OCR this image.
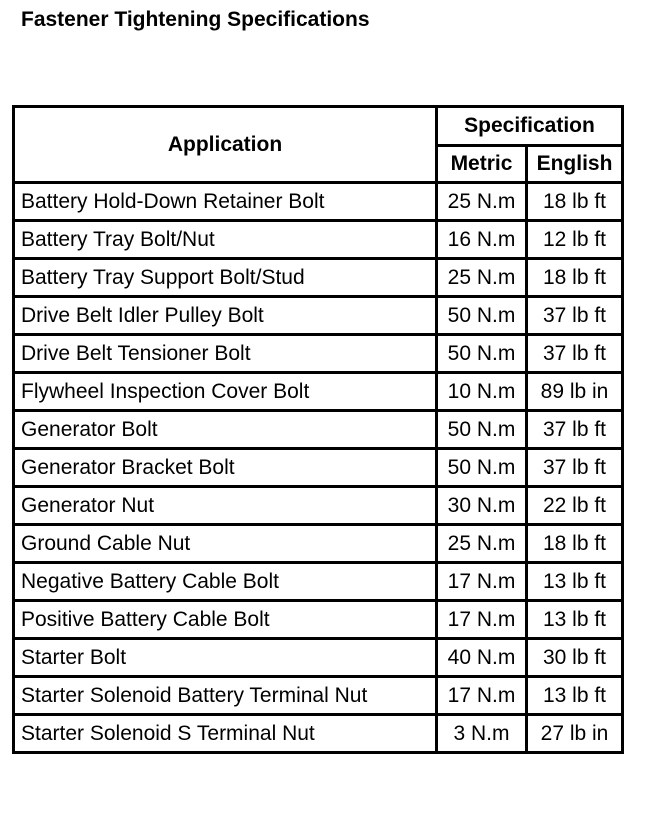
Fastener Tightening Specifications
Application	Specification	
	Metric	English
Battery Hold-Down Retainer Bolt	25 N.m	18 lb ft
Battery Tray Bolt/Nut	16 N.m	12 lb ft
Battery Tray Support Bolt/Stud	25 N.m	18 lb ft
Drive Belt Idler Pulley Bolt	50 N.m	37 lb ft
Drive Belt Tensioner Bolt	50 N.m	37 lb ft
Flywheel Inspection Cover Bolt	10 N.m	89 lb in
Generator Bolt	50 N.m	37 lb ft
Generator Bracket Bolt	50 N.m	37 lb ft
Generator Nut	30 N.m	22 lb ft
Ground Cable Nut	25 N.m	18 lb ft
Negative Battery Cable Bolt	17 N.m	13 lb ft
Positive Battery Cable Bolt	17 N.m	13 lb ft
Starter Bolt	40 N.m	30 lb ft
Starter Solenoid Battery Terminal Nut	17 N.m	13 lb ft
Starter Solenoid S Terminal Nut	3 N.m	27 lb in
